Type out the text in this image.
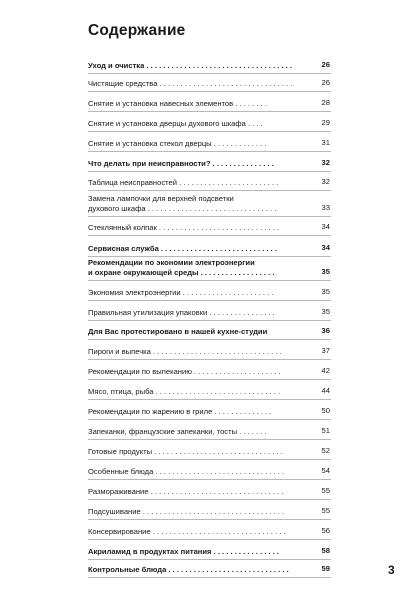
Содержание
Уход и очистка . . . . . . . . . . . . . . . . . . . . . . . . . . . . . . . . . . .	26
Чистящие средства . . . . . . . . . . . . . . . . . . . . . . . . . . . . . . . .	26
Снятие и установка навесных элементов . . . . . . . .	28
Снятие и установка дверцы духового шкафа . . . .	29
Снятие и установка стекол дверцы . . . . . . . . . . . . .	31
Что делать при неисправности? . . . . . . . . . . . . . . .	32
Таблица неисправностей . . . . . . . . . . . . . . . . . . . . . . . .	32
Замена лампочки для верхней подсветки
духового шкафа . . . . . . . . . . . . . . . . . . . . . . . . . . . . . . .	33
Стеклянный колпак . . . . . . . . . . . . . . . . . . . . . . . . . . . . .	34
Сервисная служба . . . . . . . . . . . . . . . . . . . . . . . . . . . .	34
Рекомендации по экономии электроэнергии
и охране окружающей среды . . . . . . . . . . . . . . . . . .	35
Экономия электроэнергии . . . . . . . . . . . . . . . . . . . . . .	35
Правильная утилизация упаковки . . . . . . . . . . . . . . . .	35
Для Вас протестировано в нашей кухне-студии	36
Пироги и выпечка . . . . . . . . . . . . . . . . . . . . . . . . . . . . . . .	37
Рекомендации по выпеканию . . . . . . . . . . . . . . . . . . . . .	42
Мясо, птица, рыба . . . . . . . . . . . . . . . . . . . . . . . . . . . . . .	44
Рекомендации по жарению в гриле . . . . . . . . . . . . . .	50
Запеканки, французские запеканки, тосты . . . . . . .	51
Готовые продукты . . . . . . . . . . . . . . . . . . . . . . . . . . . . . . .	52
Особенные блюда . . . . . . . . . . . . . . . . . . . . . . . . . . . . . . .	54
Размораживание . . . . . . . . . . . . . . . . . . . . . . . . . . . . . . . .	55
Подсушивание . . . . . . . . . . . . . . . . . . . . . . . . . . . . . . . . . .	55
Консервирование . . . . . . . . . . . . . . . . . . . . . . . . . . . . . . . .	56
Акриламид в продуктах питания . . . . . . . . . . . . . . . .	58
Контрольные блюда . . . . . . . . . . . . . . . . . . . . . . . . . . . . .	59	3
